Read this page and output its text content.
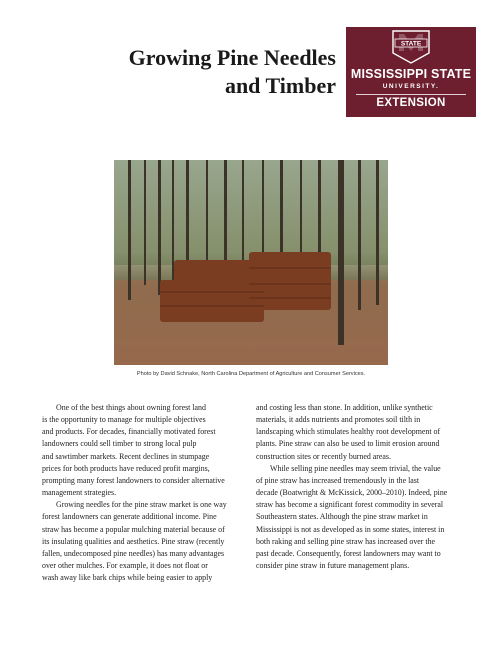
Growing Pine Needles
and Timber
STATE
MISSISSIPPI STATE
UNIVERSITY.
EXTENSION
Photo by David Schnake, North Carolina Department of Agriculture and Consumer Services.

One of the best things about owning forest land
is the opportunity to manage for multiple objectives
and products. For decades, financially motivated forest
landowners could sell timber to strong local pulp
and sawtimber markets. Recent declines in stumpage
prices for both products have reduced profit margins,
prompting many forest landowners to consider alternative
management strategies.

Growing needles for the pine straw market is one way
forest landowners can generate additional income. Pine
straw has become a popular mulching material because of
its insulating qualities and aesthetics. Pine straw (recently
fallen, undecomposed pine needles) has many advantages
over other mulches. For example, it does not float or
wash away like bark chips while being easier to apply

and costing less than stone. In addition, unlike synthetic
materials, it adds nutrients and promotes soil tilth in
landscaping which stimulates healthy root development of
plants. Pine straw can also be used to limit erosion around
construction sites or recently burned areas.

While selling pine needles may seem trivial, the value
of pine straw has increased tremendously in the last
decade (Boatwright & McKissick, 2000–2010). Indeed, pine
straw has become a significant forest commodity in several
Southeastern states. Although the pine straw market in
Mississippi is not as developed as in some states, interest in
both raking and selling pine straw has increased over the
past decade. Consequently, forest landowners may want to
consider pine straw in future management plans.
